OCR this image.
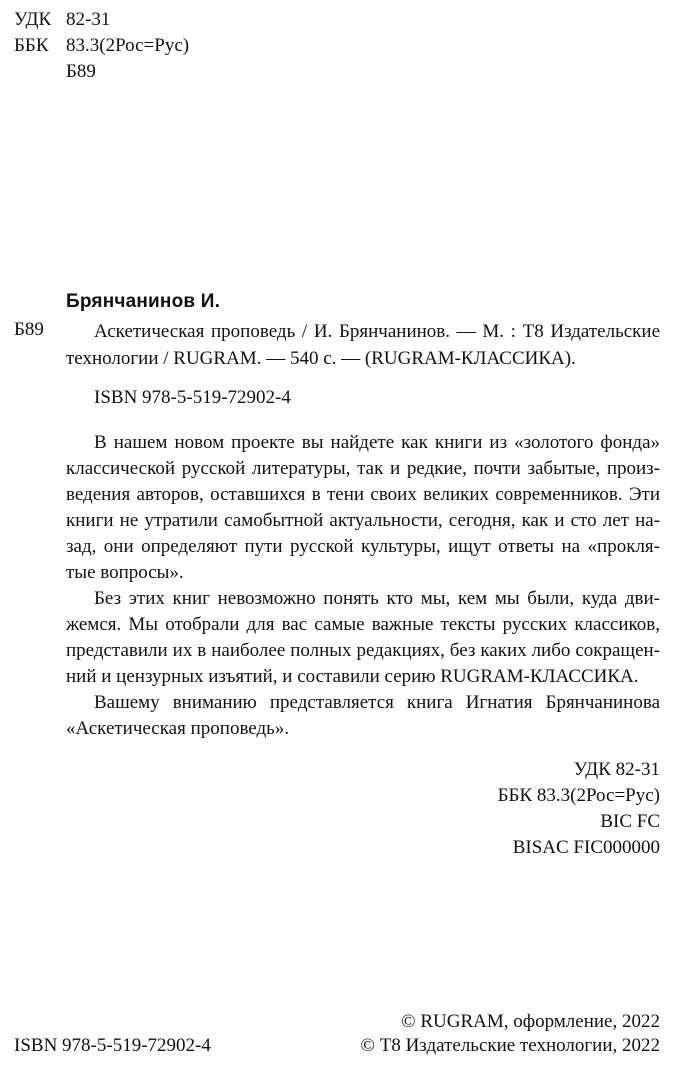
УДК 82-31
ББК 83.3(2Рос=Рус)
Б89
Брянчанинов И.
Б89	Аскетическая проповедь / И. Брянчанинов. — М. : Т8 Издательские
технологии / RUGRAM. — 540 с. — (RUGRAM-КЛАССИКА).
ISBN 978-5-519-72902-4
В нашем новом проекте вы найдете как книги из «золотого фонда»
классической русской литературы, так и редкие, почти забытые, произ-
ведения авторов, оставшихся в тени своих великих современников. Эти
книги не утратили самобытной актуальности, сегодня, как и сто лет на-
зад, они определяют пути русской культуры, ищут ответы на «прокля-
тые вопросы».
Без этих книг невозможно понять кто мы, кем мы были, куда дви-
жемся. Мы отобрали для вас самые важные тексты русских классиков,
представили их в наиболее полных редакциях, без каких либо сокращен-
ний и цензурных изъятий, и составили серию RUGRAM-КЛАССИКА.
Вашему вниманию представляется книга Игнатия Брянчанинова
«Аскетическая проповедь».
УДК 82-31
ББК 83.3(2Рос=Рус)
BIC FC
BISAC FIC000000
ISBN 978-5-519-72902-4
© RUGRAM, оформление, 2022
© Т8 Издательские технологии, 2022
